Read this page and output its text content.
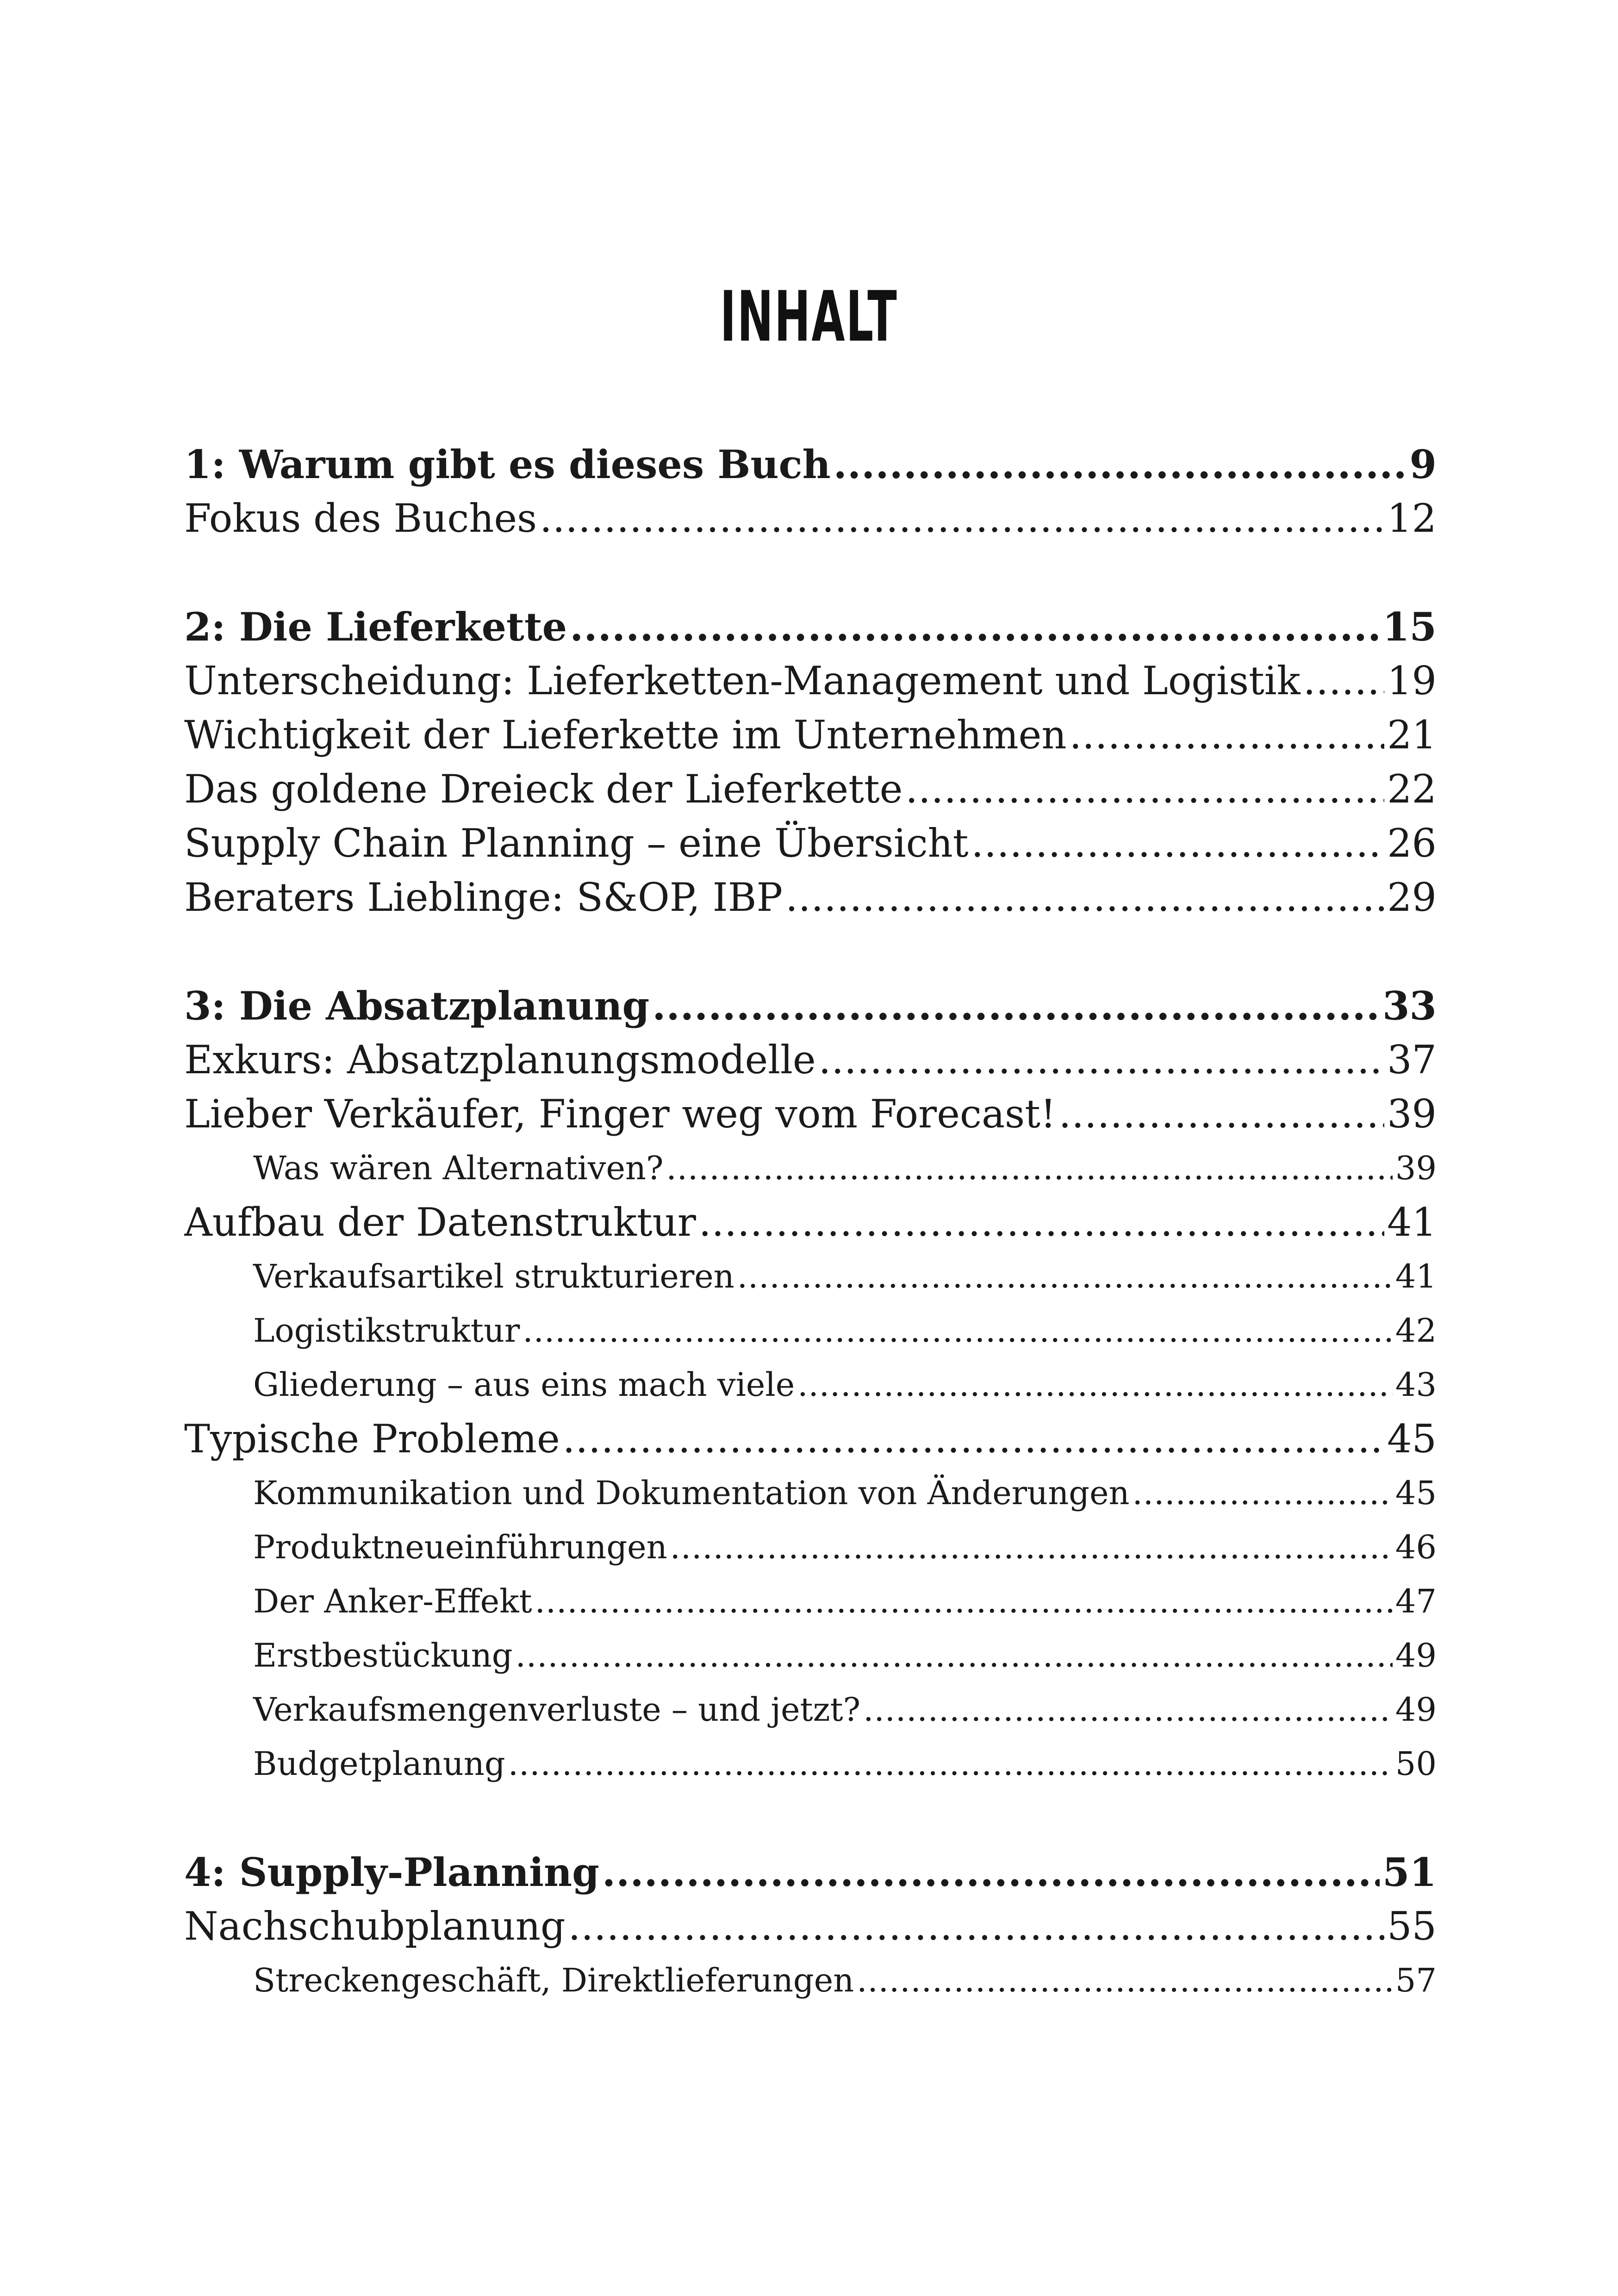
INHALT
1: Warum gibt es dieses Buch .....	9
Fokus des Buches .....	12
2: Die Lieferkette .....	15
Unterscheidung: Lieferketten-Management und Logistik ..... 19
Wichtigkeit der Lieferkette im Unternehmen .....	21
Das goldene Dreieck der Lieferkette .....	22
Supply Chain Planning – eine Übersicht .....	26
Beraters Lieblinge: S&OP, IBP .....	29
3: Die Absatzplanung .....	33
Exkurs: Absatzplanungsmodelle .....	37
Lieber Verkäufer, Finger weg vom Forecast! .....	39
Was wären Alternativen? .....	39
Aufbau der Datenstruktur .....	41
Verkaufsartikel strukturieren .....	41
Logistikstruktur .....	42
Gliederung – aus eins mach viele .....	43
Typische Probleme .....	45
Kommunikation und Dokumentation von Änderungen .....	45
Produktneueinführungen .....	46
Der Anker-Effekt .....	47
Erstbestückung .....	49
Verkaufsmengenverluste – und jetzt? .....	49
Budgetplanung .....	50
4: Supply-Planning .....	51
Nachschubplanung .....	55
Streckengeschäft, Direktlieferungen .....	57
